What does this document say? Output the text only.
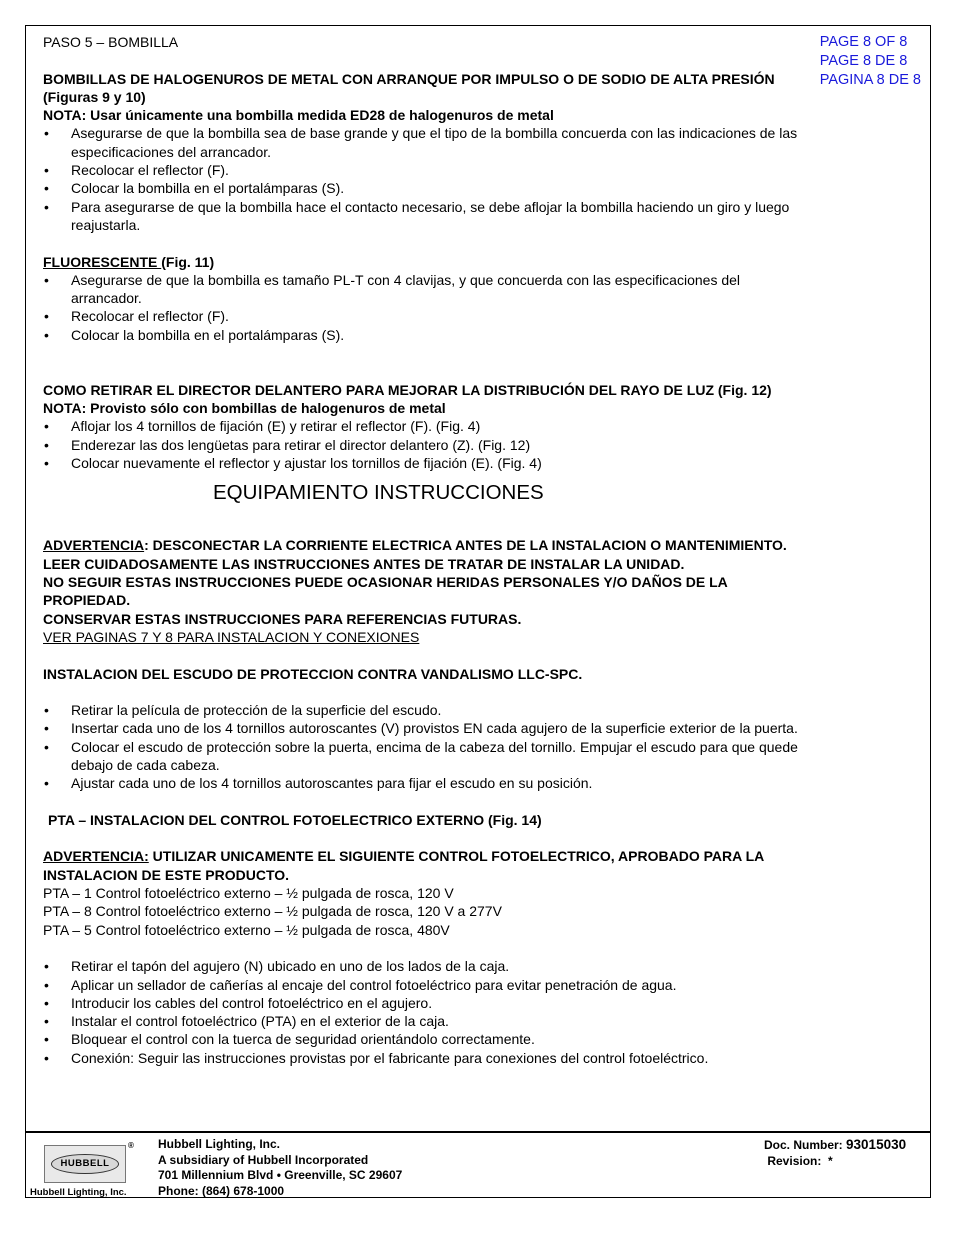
PAGE 8 OF 8
PAGE 8 DE 8
PAGINA 8 DE 8
PASO 5 – BOMBILLA
BOMBILLAS DE HALOGENUROS DE METAL CON ARRANQUE POR IMPULSO O DE SODIO DE ALTA PRESIÓN (Figuras 9 y 10)
NOTA: Usar únicamente una bombilla medida ED28 de halogenuros de metal
• Asegurarse de que la bombilla sea de base grande y que el tipo de la bombilla concuerda con las indicaciones de las especificaciones del arrancador.
• Recolocar el reflector (F).
• Colocar la bombilla en el portalámparas (S).
• Para asegurarse de que la bombilla hace el contacto necesario, se debe aflojar la bombilla haciendo un giro y luego reajustarla.
FLUORESCENTE (Fig. 11)
• Asegurarse de que la bombilla es tamaño PL-T con 4 clavijas, y que concuerda con las especificaciones del arrancador.
• Recolocar el reflector (F).
• Colocar la bombilla en el portalámparas (S).
COMO RETIRAR EL DIRECTOR DELANTERO PARA MEJORAR LA DISTRIBUCIÓN DEL RAYO DE LUZ (Fig. 12)
NOTA: Provisto sólo con bombillas de halogenuros de metal
• Aflojar los 4 tornillos de fijación (E) y retirar el reflector (F). (Fig. 4)
• Enderezar las dos lengüetas para retirar el director delantero (Z). (Fig. 12)
• Colocar nuevamente el reflector y ajustar los tornillos de fijación (E). (Fig. 4)
EQUIPAMIENTO INSTRUCCIONES
ADVERTENCIA: DESCONECTAR LA CORRIENTE ELECTRICA ANTES DE LA INSTALACION O MANTENIMIENTO.
LEER CUIDADOSAMENTE LAS INSTRUCCIONES ANTES DE TRATAR DE INSTALAR LA UNIDAD.
NO SEGUIR ESTAS INSTRUCCIONES PUEDE OCASIONAR HERIDAS PERSONALES Y/O DAÑOS DE LA PROPIEDAD.
CONSERVAR ESTAS INSTRUCCIONES PARA REFERENCIAS FUTURAS.
VER PAGINAS 7 Y 8 PARA INSTALACION Y CONEXIONES
INSTALACION DEL ESCUDO DE PROTECCION CONTRA VANDALISMO LLC-SPC.
• Retirar la película de protección de la superficie del escudo.
• Insertar cada uno de los 4 tornillos autoroscantes (V) provistos EN cada agujero de la superficie exterior de la puerta.
• Colocar el escudo de protección sobre la puerta, encima de la cabeza del tornillo. Empujar el escudo para que quede debajo de cada cabeza.
• Ajustar cada uno de los 4 tornillos autoroscantes para fijar el escudo en su posición.
PTA – INSTALACION DEL CONTROL FOTOELECTRICO EXTERNO (Fig. 14)
ADVERTENCIA: UTILIZAR UNICAMENTE EL SIGUIENTE CONTROL FOTOELECTRICO, APROBADO PARA LA INSTALACION DE ESTE PRODUCTO.
PTA – 1 Control fotoeléctrico externo – ½ pulgada de rosca, 120 V
PTA – 8 Control fotoeléctrico externo – ½ pulgada de rosca, 120 V a 277V
PTA – 5 Control fotoeléctrico externo – ½ pulgada de rosca, 480V
• Retirar el tapón del agujero (N) ubicado en uno de los lados de la caja.
• Aplicar un sellador de cañerías al encaje del control fotoeléctrico para evitar penetración de agua.
• Introducir los cables del control fotoeléctrico en el agujero.
• Instalar el control fotoeléctrico (PTA) en el exterior de la caja.
• Bloquear el control con la tuerca de seguridad orientándolo correctamente.
• Conexión: Seguir las instrucciones provistas por el fabricante para conexiones del control fotoeléctrico.
HUBBELL
®
Hubbell Lighting, Inc.
Hubbell Lighting, Inc.
A subsidiary of Hubbell Incorporated
701 Millennium Blvd • Greenville, SC 29607
Phone: (864) 678-1000
Doc. Number: 93015030
Revision: *
